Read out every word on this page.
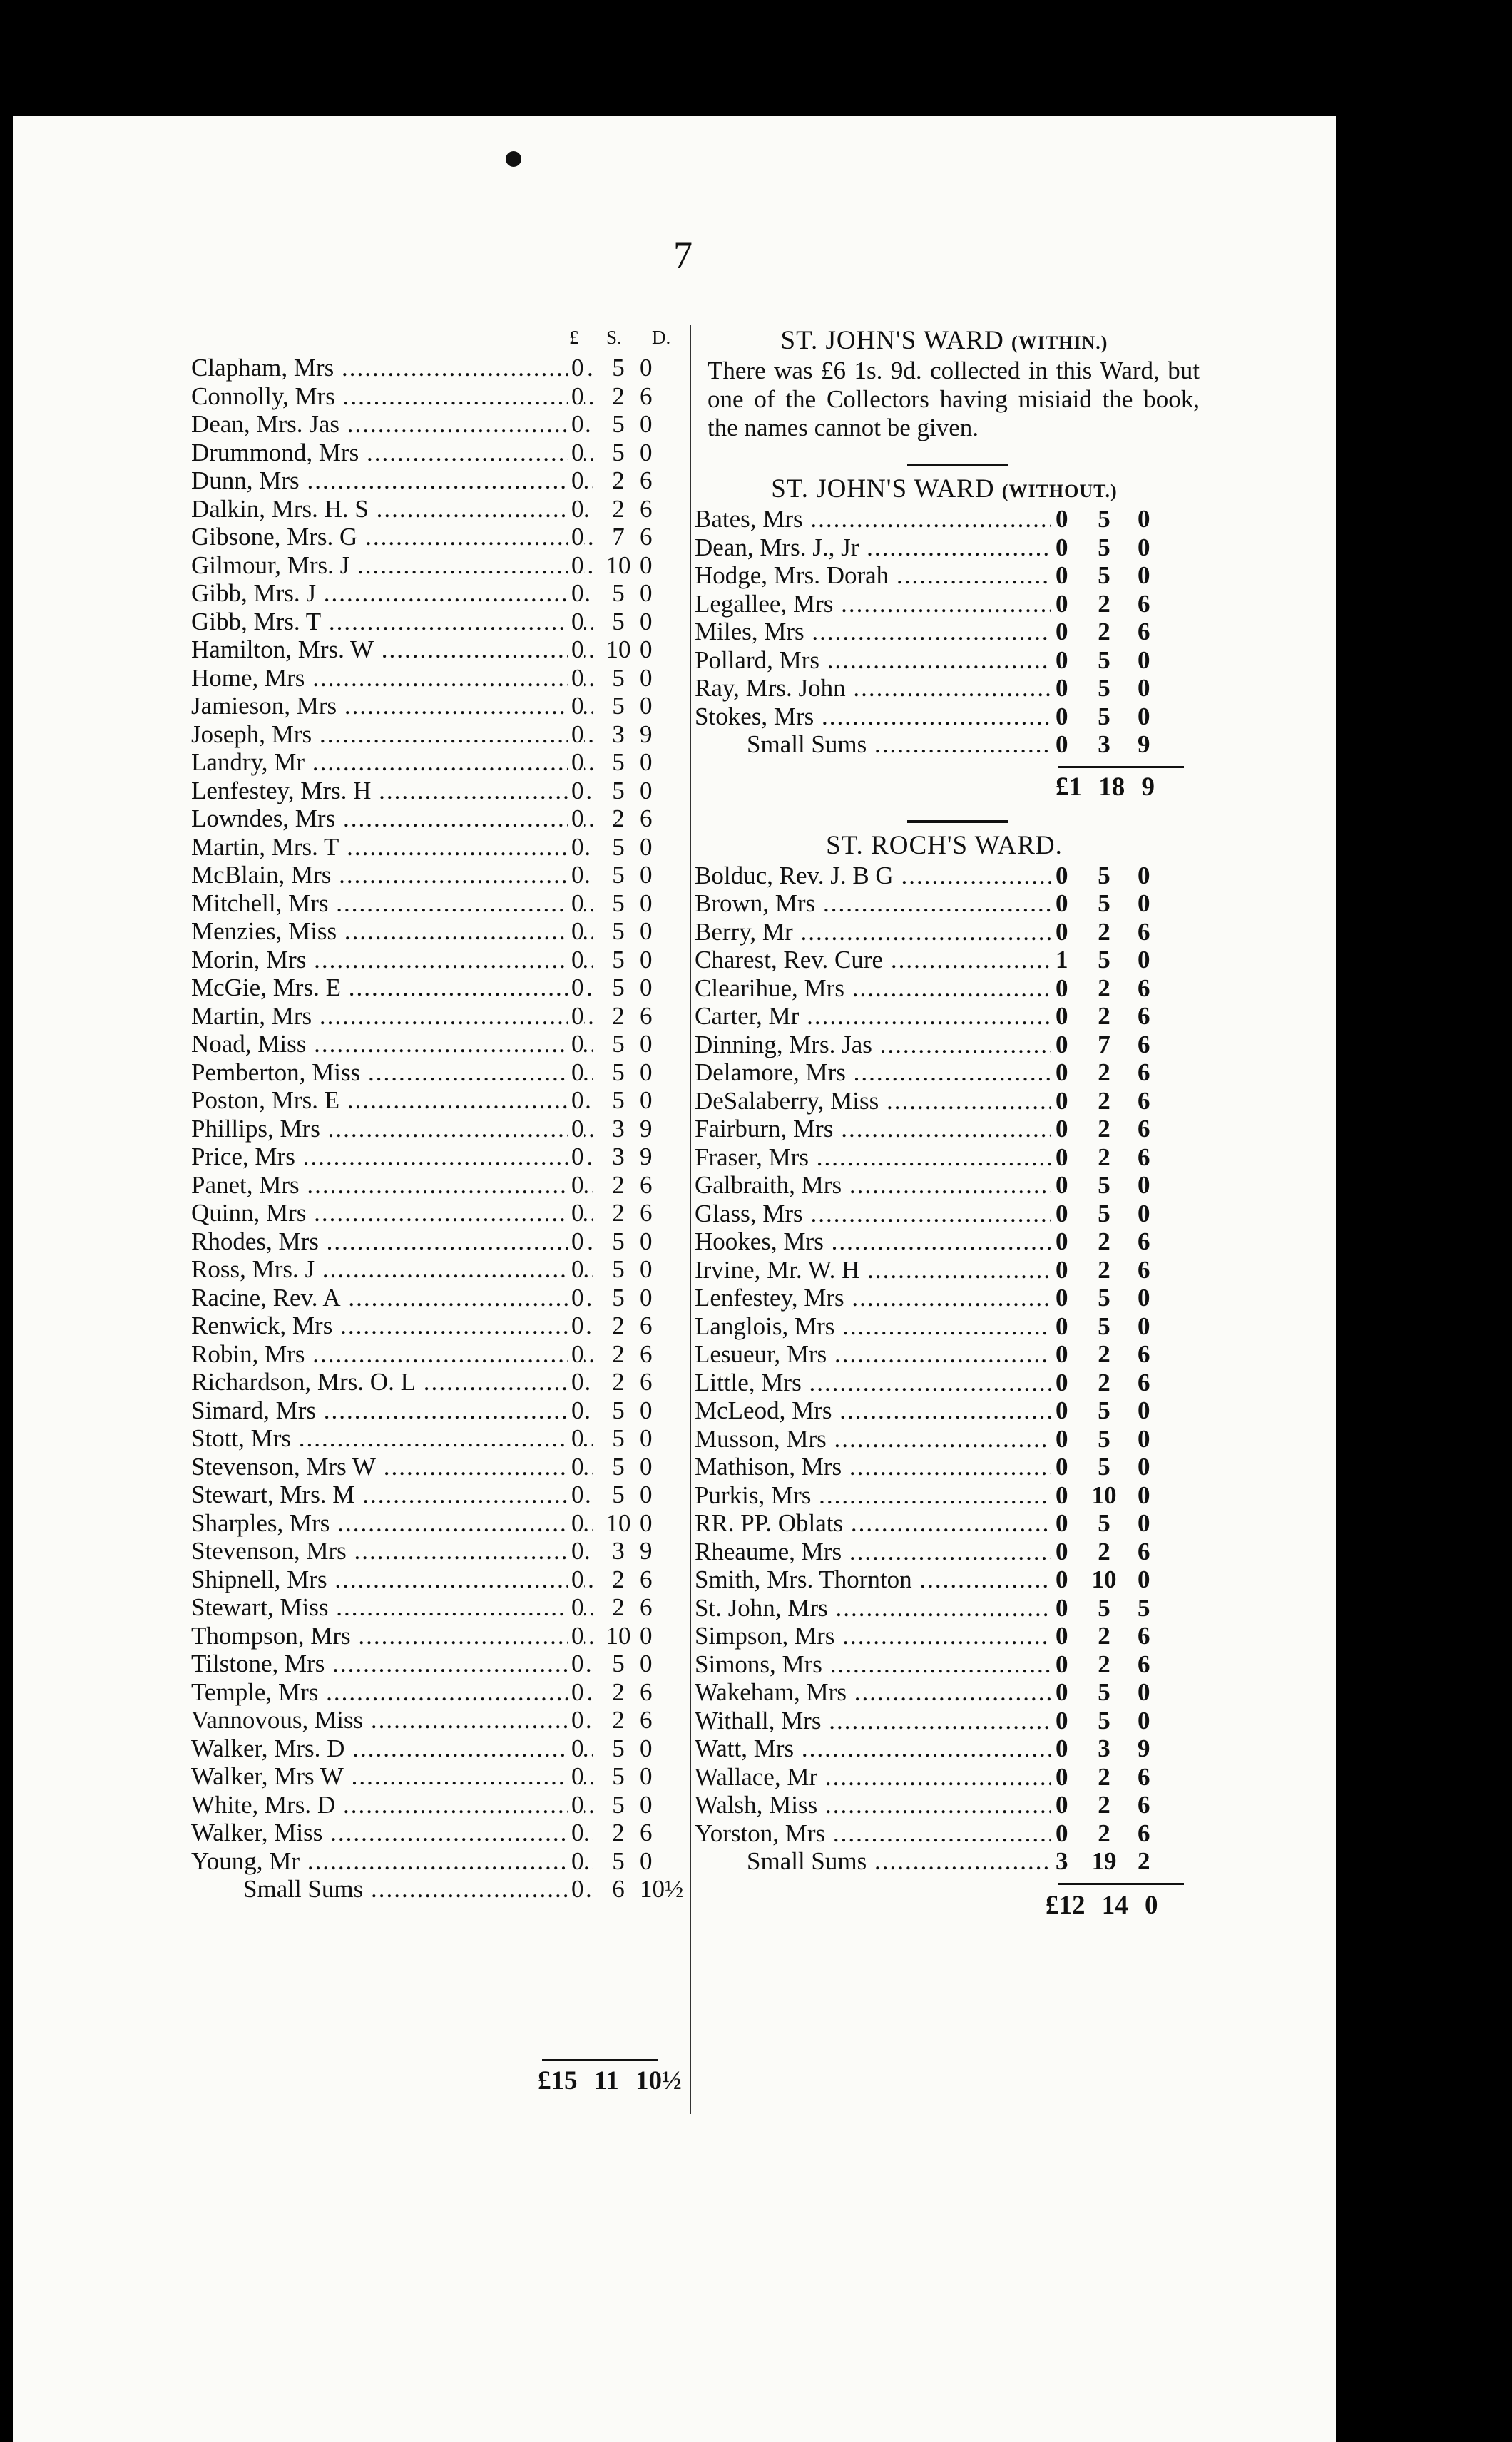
7
£ S. D.
Clapham, Mrs .....	0	5 0
Connolly, Mrs .....	0	2 6
Dean, Mrs. Jas .....	0	5 0
Drummond, Mrs .....	0	5 0
Dunn, Mrs .....	0	2 6
Dalkin, Mrs. H. S .....	0	2 6
Gibsone, Mrs. G .....	0	7 6
Gilmour, Mrs. J .....	0 10 0
Gibb, Mrs. J .....	0	5 0
Gibb, Mrs. T .....	0	5 0
Hamilton, Mrs. W .....	0 10 0
Home, Mrs .....	0	5 0
Jamieson, Mrs .....	0	5 0
Joseph, Mrs .....	0	3 9
Landry, Mr .....	0	5 0
Lenfestey, Mrs. H .....	0	5 0
Lowndes, Mrs .....	0	2 6
Martin, Mrs. T .....	0	5 0
McBlain, Mrs .....	0	5 0
Mitchell, Mrs .....	0	5 0
Menzies, Miss .....	0	5 0
Morin, Mrs .....	0	5 0
McGie, Mrs. E .....	0	5 0
Martin, Mrs .....	0	2 6
Noad, Miss .....	0	5 0
Pemberton, Miss .....	0	5 0
Poston, Mrs. E .....	0	5 0
Phillips, Mrs .....	0	3 9
Price, Mrs .....	0	3 9
Panet, Mrs .....	0	2 6
Quinn, Mrs .....	0	2 6
Rhodes, Mrs .....	0	5 0
Ross, Mrs. J .....	0	5 0
Racine, Rev. A .....	0	5 0
Renwick, Mrs .....	0	2 6
Robin, Mrs .....	0	2 6
Richardson, Mrs. O. L .....	0	2 6
Simard, Mrs .....	0	5 0
Stott, Mrs .....	0	5 0
Stevenson, Mrs W .....	0	5 0
Stewart, Mrs. M .....	0	5 0
Sharples, Mrs .....	0 10 0
Stevenson, Mrs .....	0	3 9
Shipnell, Mrs .....	0	2 6
Stewart, Miss .....	0	2 6
Thompson, Mrs .....	0 10 0
Tilstone, Mrs .....	0	5 0
Temple, Mrs .....	0	2 6
Vannovous, Miss .....	0	2 6
Walker, Mrs. D .....	0	5 0
Walker, Mrs W .....	0	5 0
White, Mrs. D .....	0	5 0
Walker, Miss .....	0	2 6
Young, Mr .....	0	5 0
Small Sums .....	0	6 10½
£15 11 10½
ST. JOHN'S WARD (WITHIN.)
There was £6 1s. 9d. collected in this Ward, but one of the Collectors having misiaid the book, the names cannot be given.
ST. JOHN'S WARD (WITHOUT.)
Bates, Mrs .....	0	5	0
Dean, Mrs. J., Jr .....	0	5	0
Hodge, Mrs. Dorah .....	0	5	0
Legallee, Mrs .....	0	2	6
Miles, Mrs .....	0	2	6
Pollard, Mrs .....	0	5	0
Ray, Mrs. John .....	0	5	0
Stokes, Mrs .....	0	5	0
Small Sums .....	0	3	9
£1 18 9
ST. ROCH'S WARD.
Bolduc, Rev. J. B G .....	0	5	0
Brown, Mrs .....	0	5	0
Berry, Mr .....	0	2	6
Charest, Rev. Cure .....	1	5	0
Clearihue, Mrs .....	0	2	6
Carter, Mr .....	0	2	6
Dinning, Mrs. Jas .....	0	7	6
Delamore, Mrs .....	0	2	6
DeSalaberry, Miss .....	0	2	6
Fairburn, Mrs .....	0	2	6
Fraser, Mrs .....	0	2	6
Galbraith, Mrs .....	0	5	0
Glass, Mrs .....	0	5	0
Hookes, Mrs .....	0	2	6
Irvine, Mr. W. H .....	0	2	6
Lenfestey, Mrs .....	0	5	0
Langlois, Mrs .....	0	5	0
Lesueur, Mrs .....	0	2	6
Little, Mrs .....	0	2	6
McLeod, Mrs .....	0	5	0
Musson, Mrs .....	0	5	0
Mathison, Mrs .....	0	5	0
Purkis, Mrs .....	0 10 0
RR. PP. Oblats .....	0	5	0
Rheaume, Mrs .....	0	2	6
Smith, Mrs. Thornton .....	0 10 0
St. John, Mrs .....	0	5	5
Simpson, Mrs .....	0	2	6
Simons, Mrs .....	0	2	6
Wakeham, Mrs .....	0	5	0
Withall, Mrs .....	0	5	0
Watt, Mrs .....	0	3	9
Wallace, Mr .....	0	2	6
Walsh, Miss .....	0	2	6
Yorston, Mrs .....	0	2	6
Small Sums .....	3 19 2
£12 14 0
